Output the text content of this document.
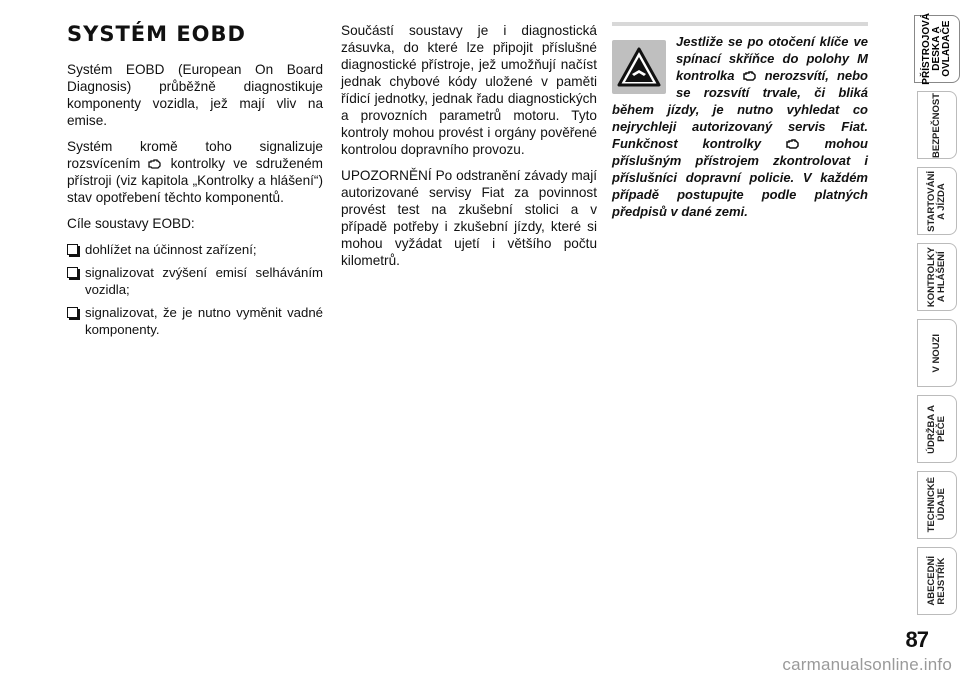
SYSTÉM EOBD

Systém EOBD (European On Board Diagnosis) průběžně diagnostikuje komponenty vozidla, jež mají vliv na emise.

Systém kromě toho signalizuje rozsvícením
kontrolky ve sdruženém přístroji (viz kapitola „Kontrolky a hlášení“) stav opotřebení těchto komponentů.

Cíle soustavy EOBD:

dohlížet na účinnost zařízení;
signalizovat zvýšení emisí selháváním vozidla;
signalizovat, že je nutno vyměnit vadné komponenty.

Součástí soustavy je i diagnostická zásuvka, do které lze připojit příslušné diagnostické přístroje, jež umožňují načíst jednak chybové kódy uložené v paměti řídicí jednotky, jednak řadu diagnostických a provozních parametrů motoru. Tyto kontroly mohou provést i orgány pověřené kontrolou dopravního provozu.

UPOZORNĚNÍ Po odstranění závady mají autorizované servisy Fiat za povinnost provést test na zkušební stolici a v případě potřeby i zkušební jízdy, které si mohou vyžádat ujetí i většího počtu kilometrů.

Jestliže se po otočení klíče ve spínací skříňce do polohy M kontrolka
nerozsvítí, nebo se rozsvítí trvale, či bliká během jízdy, je nutno vyhledat co nejrychleji autorizovaný servis Fiat. Funkčnost kontrolky
mohou příslušným přístrojem zkontrolovat i příslušníci dopravní policie. V každém případě postupujte podle platných předpisů v dané zemi.

PŘÍSTROJOVÁ
DESKA A
OVLADAČE
BEZPEČNOST
STARTOVÁNÍ
A JÍZDA
KONTROLKY
A HLÁŠENÍ
V NOUZI
ÚDRŽBA A
PÉČE
TECHNICKÉ
ÚDAJE
ABECEDNÍ
REJSTŘÍK
87
carmanualsonline.info
